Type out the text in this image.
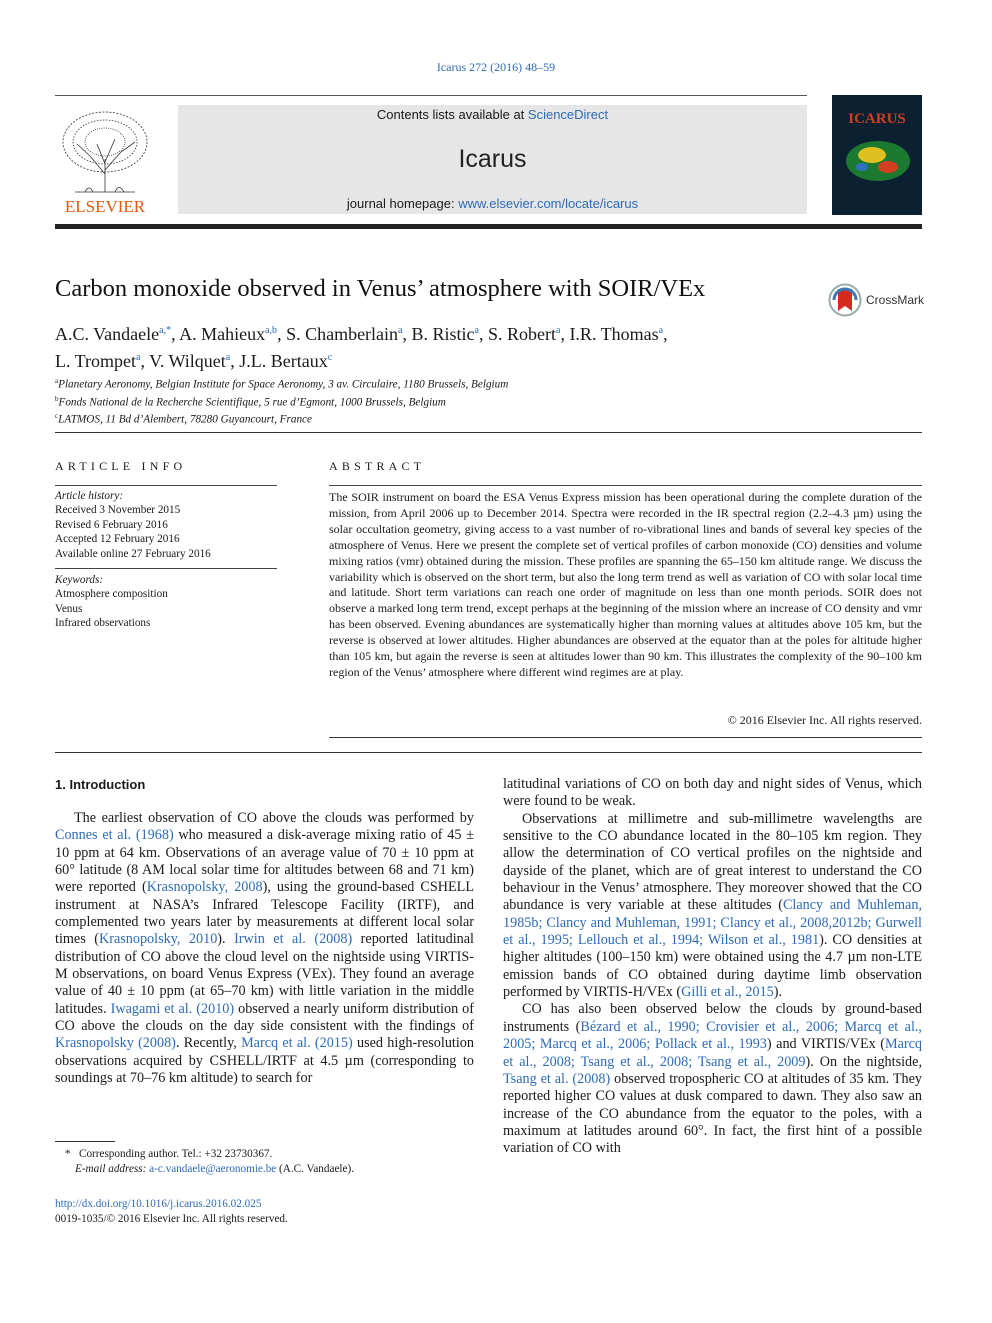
Icarus 272 (2016) 48–59
ELSEVIER
Contents lists available at ScienceDirect
Icarus
journal homepage: www.elsevier.com/locate/icarus
ICARUS
Carbon monoxide observed in Venus’ atmosphere with SOIR/VEx	CrossMark
A.C. Vandaele$^{a,*}$, A. Mahieux$^{a,b}$, S. Chamberlain$^a$, B. Ristic$^a$, S. Robert$^a$, I.R. Thomas$^a$,
L. Trompet$^a$, V. Wilquet$^a$, J.L. Bertaux$^c$
$^a$Planetary Aeronomy, Belgian Institute for Space Aeronomy, 3 av. Circulaire, 1180 Brussels, Belgium
$^b$Fonds National de la Recherche Scientifique, 5 rue d’Egmont, 1000 Brussels, Belgium
$^c$LATMOS, 11 Bd d’Alembert, 78280 Guyancourt, France
ARTICLE INFO
Article history:
Received 3 November 2015
Revised 6 February 2016
Accepted 12 February 2016
Available online 27 February 2016
Keywords:
Atmosphere composition
Venus
Infrared observations
ABSTRACT
The SOIR instrument on board the ESA Venus Express mission has been operational during the complete duration of the mission, from April 2006 up to December 2014. Spectra were recorded in the IR spectral region (2.2–4.3 µm) using the solar occultation geometry, giving access to a vast number of ro-vibrational lines and bands of several key species of the atmosphere of Venus. Here we present the complete set of vertical profiles of carbon monoxide (CO) densities and volume mixing ratios (vmr) obtained during the mission. These profiles are spanning the 65–150 km altitude range. We discuss the variability which is observed on the short term, but also the long term trend as well as variation of CO with solar local time and latitude. Short term variations can reach one order of magnitude on less than one month periods. SOIR does not observe a marked long term trend, except perhaps at the beginning of the mission where an increase of CO density and vmr has been observed. Evening abundances are systematically higher than morning values at altitudes above 105 km, but the reverse is observed at lower altitudes. Higher abundances are observed at the equator than at the poles for altitude higher than 105 km, but again the reverse is seen at altitudes lower than 90 km. This illustrates the complexity of the 90–100 km region of the Venus’ atmosphere where different wind regimes are at play.
© 2016 Elsevier Inc. All rights reserved.
1. Introduction

The earliest observation of CO above the clouds was performed by Connes et al. (1968) who measured a disk-average mixing ratio of 45 ± 10 ppm at 64 km. Observations of an average value of 70 ± 10 ppm at 60° latitude (8 AM local solar time for altitudes between 68 and 71 km) were reported (Krasnopolsky, 2008), using the ground-based CSHELL instrument at NASA’s Infrared Telescope Facility (IRTF), and complemented two years later by measurements at different local solar times (Krasnopolsky, 2010). Irwin et al. (2008) reported latitudinal distribution of CO above the cloud level on the nightside using VIRTIS-M observations, on board Venus Express (VEx). They found an average value of 40 ± 10 ppm (at 65–70 km) with little variation in the middle latitudes. Iwagami et al. (2010) observed a nearly uniform distribution of CO above the clouds on the day side consistent with the findings of Krasnopolsky (2008). Recently, Marcq et al. (2015) used high-resolution observations acquired by CSHELL/IRTF at 4.5 µm (corresponding to soundings at 70–76 km altitude) to search for

latitudinal variations of CO on both day and night sides of Venus, which were found to be weak.

Observations at millimetre and sub-millimetre wavelengths are sensitive to the CO abundance located in the 80–105 km region. They allow the determination of CO vertical profiles on the nightside and dayside of the planet, which are of great interest to understand the CO behaviour in the Venus’ atmosphere. They moreover showed that the CO abundance is very variable at these altitudes (Clancy and Muhleman, 1985b; Clancy and Muhleman, 1991; Clancy et al., 2008,2012b; Gurwell et al., 1995; Lellouch et al., 1994; Wilson et al., 1981). CO densities at higher altitudes (100–150 km) were obtained using the 4.7 µm non-LTE emission bands of CO obtained during daytime limb observation performed by VIRTIS-H/VEx (Gilli et al., 2015).

CO has also been observed below the clouds by ground-based instruments (Bézard et al., 1990; Crovisier et al., 2006; Marcq et al., 2005; Marcq et al., 2006; Pollack et al., 1993) and VIRTIS/VEx (Marcq et al., 2008; Tsang et al., 2008; Tsang et al., 2009). On the nightside, Tsang et al. (2008) observed tropospheric CO at altitudes of 35 km. They reported higher CO values at dusk compared to dawn. They also saw an increase of the CO abundance from the equator to the poles, with a maximum at latitudes around 60°. In fact, the first hint of a possible variation of CO with

* Corresponding author. Tel.: +32 23730367.
E-mail address: a-c.vandaele@aeronomie.be (A.C. Vandaele).
http://dx.doi.org/10.1016/j.icarus.2016.02.025
0019-1035/© 2016 Elsevier Inc. All rights reserved.
